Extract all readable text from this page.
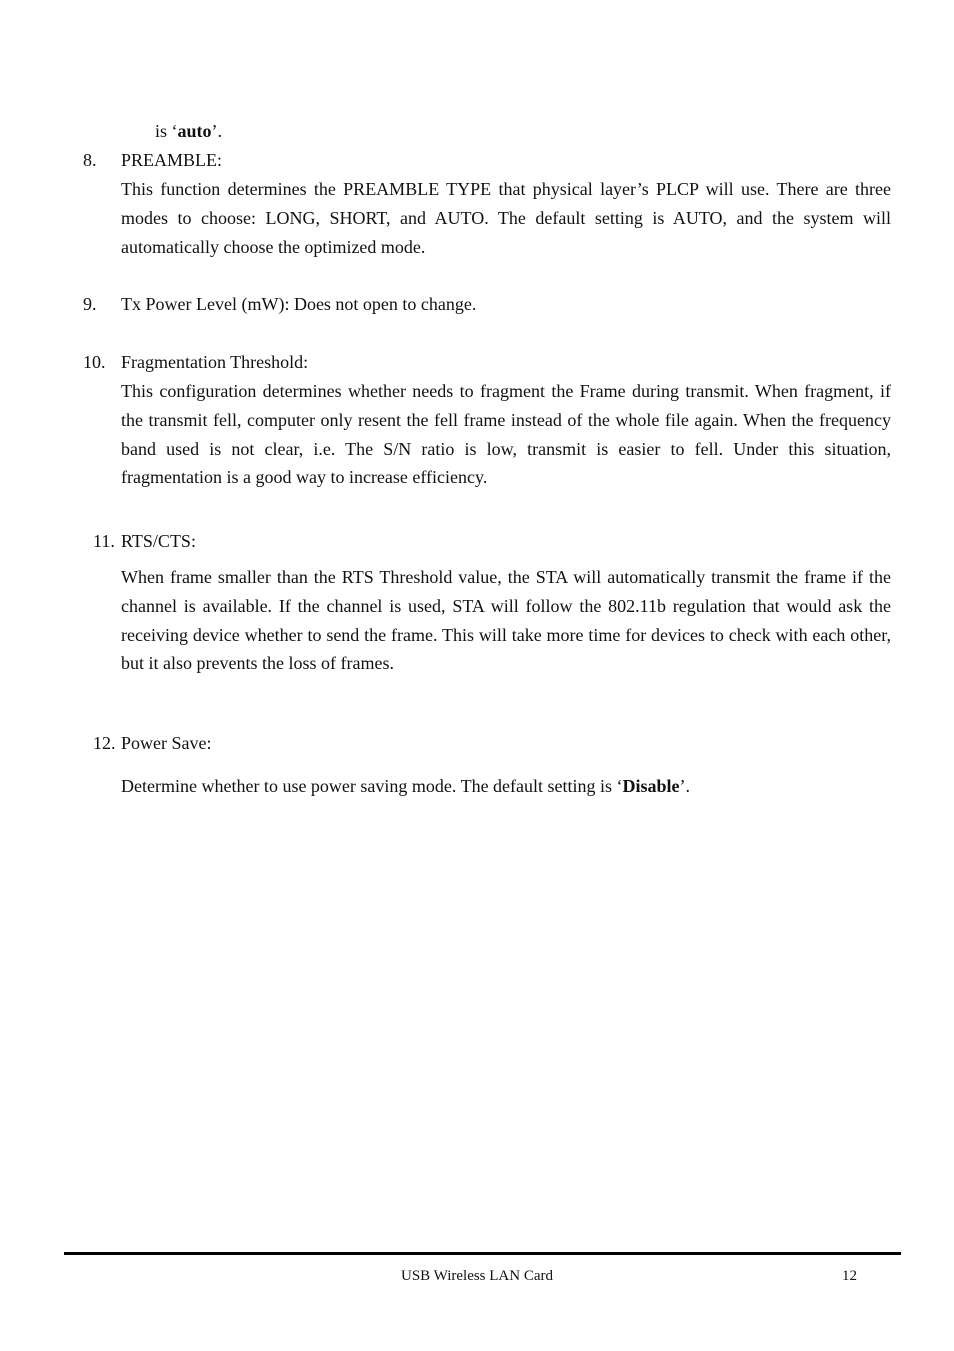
is ‘auto’.
8. PREAMBLE:
This function determines the PREAMBLE TYPE that physical layer’s PLCP will use. There are three modes to choose: LONG, SHORT, and AUTO. The default setting is AUTO, and the system will automatically choose the optimized mode.
9. Tx Power Level (mW): Does not open to change.
10. Fragmentation Threshold:
This configuration determines whether needs to fragment the Frame during transmit. When fragment, if the transmit fell, computer only resent the fell frame instead of the whole file again. When the frequency band used is not clear, i.e. The S/N ratio is low, transmit is easier to fell. Under this situation, fragmentation is a good way to increase efficiency.
11. RTS/CTS:
When frame smaller than the RTS Threshold value, the STA will automatically transmit the frame if the channel is available. If the channel is used, STA will follow the 802.11b regulation that would ask the receiving device whether to send the frame. This will take more time for devices to check with each other, but it also prevents the loss of frames.
12. Power Save:
Determine whether to use power saving mode. The default setting is ‘Disable’.
USB Wireless LAN Card	12
